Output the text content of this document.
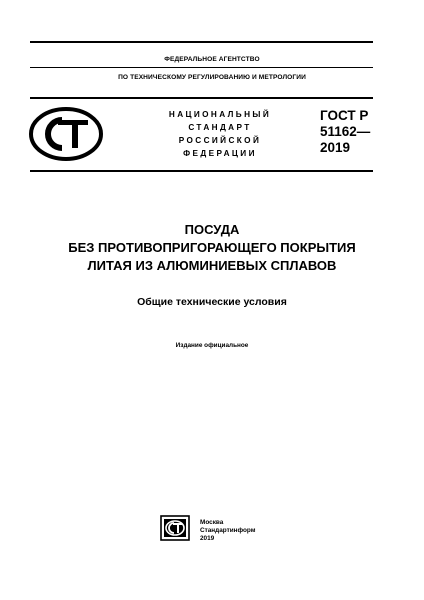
ФЕДЕРАЛЬНОЕ АГЕНТСТВО
ПО ТЕХНИЧЕСКОМУ РЕГУЛИРОВАНИЮ И МЕТРОЛОГИИ
НАЦИОНАЛЬНЫЙ
СТАНДАРТ
РОССИЙСКОЙ
ФЕДЕРАЦИИ
ГОСТ Р
51162—
2019
ПОСУДА
БЕЗ ПРОТИВОПРИГОРАЮЩЕГО ПОКРЫТИЯ
ЛИТАЯ ИЗ АЛЮМИНИЕВЫХ СПЛАВОВ
Общие технические условия
Издание официальное
Москва
Стандартинформ
2019
